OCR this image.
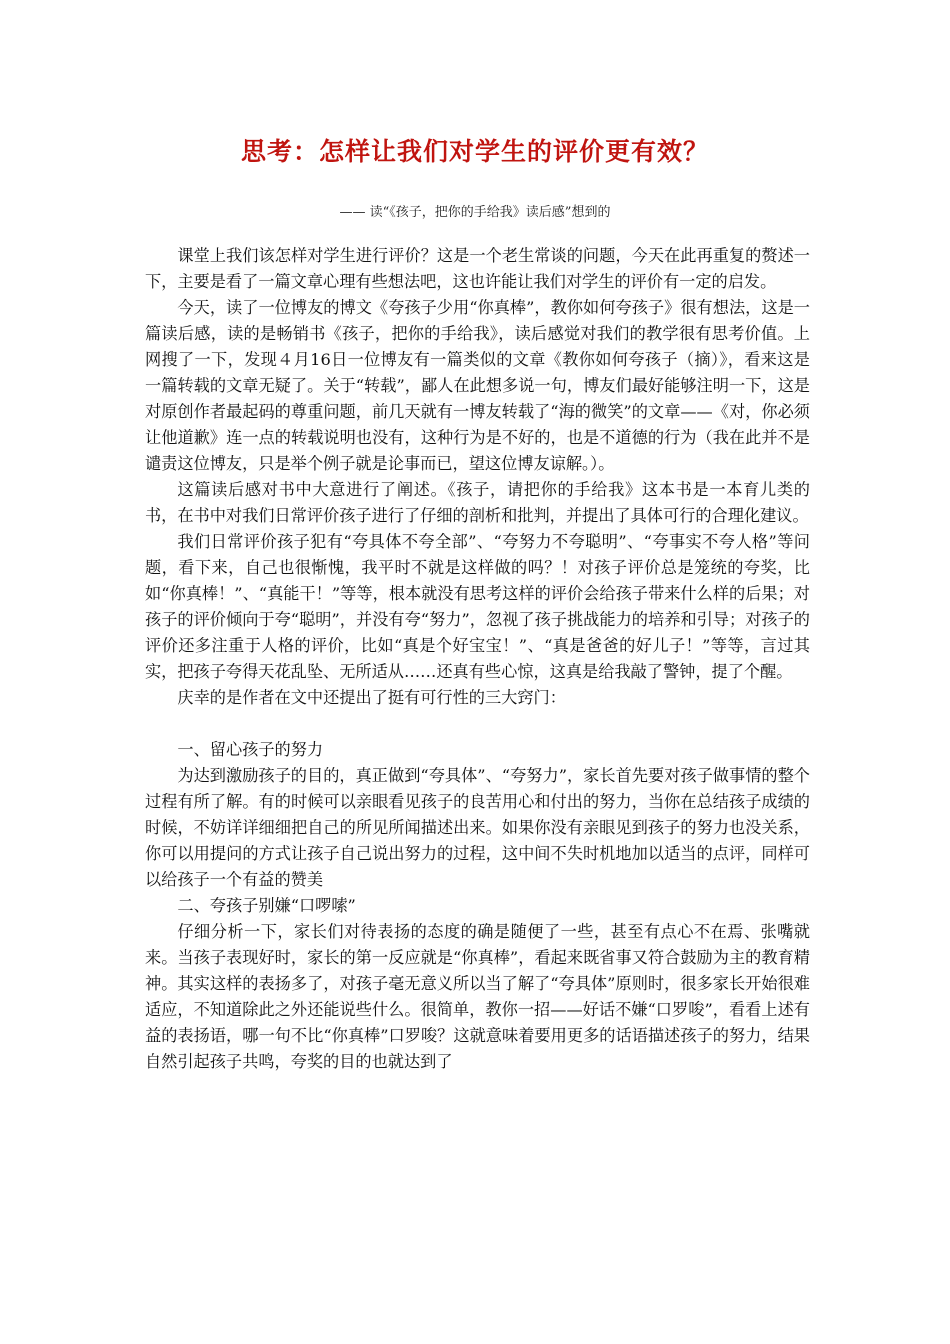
思考：怎样让我们对学生的评价更有效？

—— 读“《孩子，把你的手给我》读后感”想到的

课堂上我们该怎样对学生进行评价？这是一个老生常谈的问题，今天在此再重复的赘述一下，主要是看了一篇文章心理有些想法吧，这也许能让我们对学生的评价有一定的启发。

今天，读了一位博友的博文《夸孩子少用“你真棒”，教你如何夸孩子》很有想法，这是一篇读后感，读的是畅销书《孩子，把你的手给我》，读后感觉对我们的教学很有思考价值。上网搜了一下，发现４月16日一位博友有一篇类似的文章《教你如何夸孩子（摘）》，看来这是一篇转载的文章无疑了。关于“转载”，鄙人在此想多说一句，博友们最好能够注明一下，这是对原创作者最起码的尊重问题，前几天就有一博友转载了“海的微笑”的文章——《对，你必须让他道歉》连一点的转载说明也没有，这种行为是不好的，也是不道德的行为（我在此并不是谴责这位博友，只是举个例子就是论事而已，望这位博友谅解。）。

这篇读后感对书中大意进行了阐述。《孩子，请把你的手给我》这本书是一本育儿类的书，在书中对我们日常评价孩子进行了仔细的剖析和批判，并提出了具体可行的合理化建议。

我们日常评价孩子犯有“夸具体不夸全部”、“夸努力不夸聪明”、“夸事实不夸人格”等问题，看下来，自己也很惭愧，我平时不就是这样做的吗？！对孩子评价总是笼统的夸奖，比如“你真棒！”、“真能干！”等等，根本就没有思考这样的评价会给孩子带来什么样的后果；对孩子的评价倾向于夸“聪明”，并没有夸“努力”，忽视了孩子挑战能力的培养和引导；对孩子的评价还多注重于人格的评价，比如“真是个好宝宝！”、“真是爸爸的好儿子！”等等，言过其实，把孩子夸得天花乱坠、无所适从……还真有些心惊，这真是给我敲了警钟，提了个醒。

庆幸的是作者在文中还提出了挺有可行性的三大窍门：

一、留心孩子的努力

为达到激励孩子的目的，真正做到“夸具体”、“夸努力”，家长首先要对孩子做事情的整个过程有所了解。有的时候可以亲眼看见孩子的良苦用心和付出的努力，当你在总结孩子成绩的时候，不妨详详细细把自己的所见所闻描述出来。如果你没有亲眼见到孩子的努力也没关系，你可以用提问的方式让孩子自己说出努力的过程，这中间不失时机地加以适当的点评，同样可以给孩子一个有益的赞美

二、夸孩子别嫌“口啰嗦”

仔细分析一下，家长们对待表扬的态度的确是随便了一些，甚至有点心不在焉、张嘴就来。当孩子表现好时，家长的第一反应就是“你真棒”，看起来既省事又符合鼓励为主的教育精神。其实这样的表扬多了，对孩子毫无意义所以当了解了“夸具体”原则时，很多家长开始很难适应，不知道除此之外还能说些什么。很简单，教你一招——好话不嫌“口罗唆”，看看上述有益的表扬语，哪一句不比“你真棒”口罗唆？这就意味着要用更多的话语描述孩子的努力，结果自然引起孩子共鸣，夸奖的目的也就达到了
